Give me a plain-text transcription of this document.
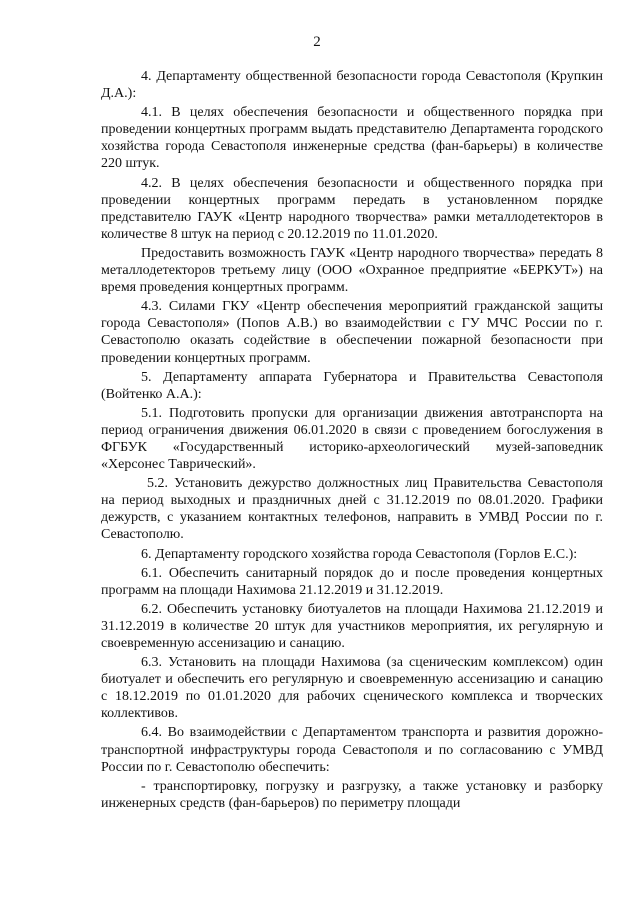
2

4. Департаменту общественной безопасности города Севастополя (Крупкин Д.А.):

4.1. В целях обеспечения безопасности и общественного порядка при проведении концертных программ выдать представителю Департамента городского хозяйства города Севастополя инженерные средства (фан-барьеры) в количестве 220 штук.

4.2. В целях обеспечения безопасности и общественного порядка при проведении концертных программ передать в установленном порядке представителю ГАУК «Центр народного творчества» рамки металлодетекторов в количестве 8 штук на период с 20.12.2019 по 11.01.2020.

Предоставить возможность ГАУК «Центр народного творчества» передать 8 металлодетекторов третьему лицу (ООО «Охранное предприятие «БЕРКУТ») на время проведения концертных программ.

4.3. Силами ГКУ «Центр обеспечения мероприятий гражданской защиты города Севастополя» (Попов А.В.) во взаимодействии с ГУ МЧС России по г. Севастополю оказать содействие в обеспечении пожарной безопасности при проведении концертных программ.

5. Департаменту аппарата Губернатора и Правительства Севастополя (Войтенко А.А.):

5.1. Подготовить пропуски для организации движения автотранспорта на период ограничения движения 06.01.2020 в связи с проведением богослужения в ФГБУК «Государственный историко-археологический музей-заповедник «Херсонес Таврический».

5.2. Установить дежурство должностных лиц Правительства Севастополя на период выходных и праздничных дней с 31.12.2019 по 08.01.2020. Графики дежурств, с указанием контактных телефонов, направить в УМВД России по г. Севастополю.

6. Департаменту городского хозяйства города Севастополя (Горлов Е.С.):

6.1. Обеспечить санитарный порядок до и после проведения концертных программ на площади Нахимова 21.12.2019 и 31.12.2019.

6.2. Обеспечить установку биотуалетов на площади Нахимова 21.12.2019 и 31.12.2019 в количестве 20 штук для участников мероприятия, их регулярную и своевременную ассенизацию и санацию.

6.3. Установить на площади Нахимова (за сценическим комплексом) один биотуалет и обеспечить его регулярную и своевременную ассенизацию и санацию с 18.12.2019 по 01.01.2020 для рабочих сценического комплекса и творческих коллективов.

6.4. Во взаимодействии с Департаментом транспорта и развития дорожно-транспортной инфраструктуры города Севастополя и по согласованию с УМВД России по г. Севастополю обеспечить:

- транспортировку, погрузку и разгрузку, а также установку и разборку инженерных средств (фан-барьеров) по периметру площади
